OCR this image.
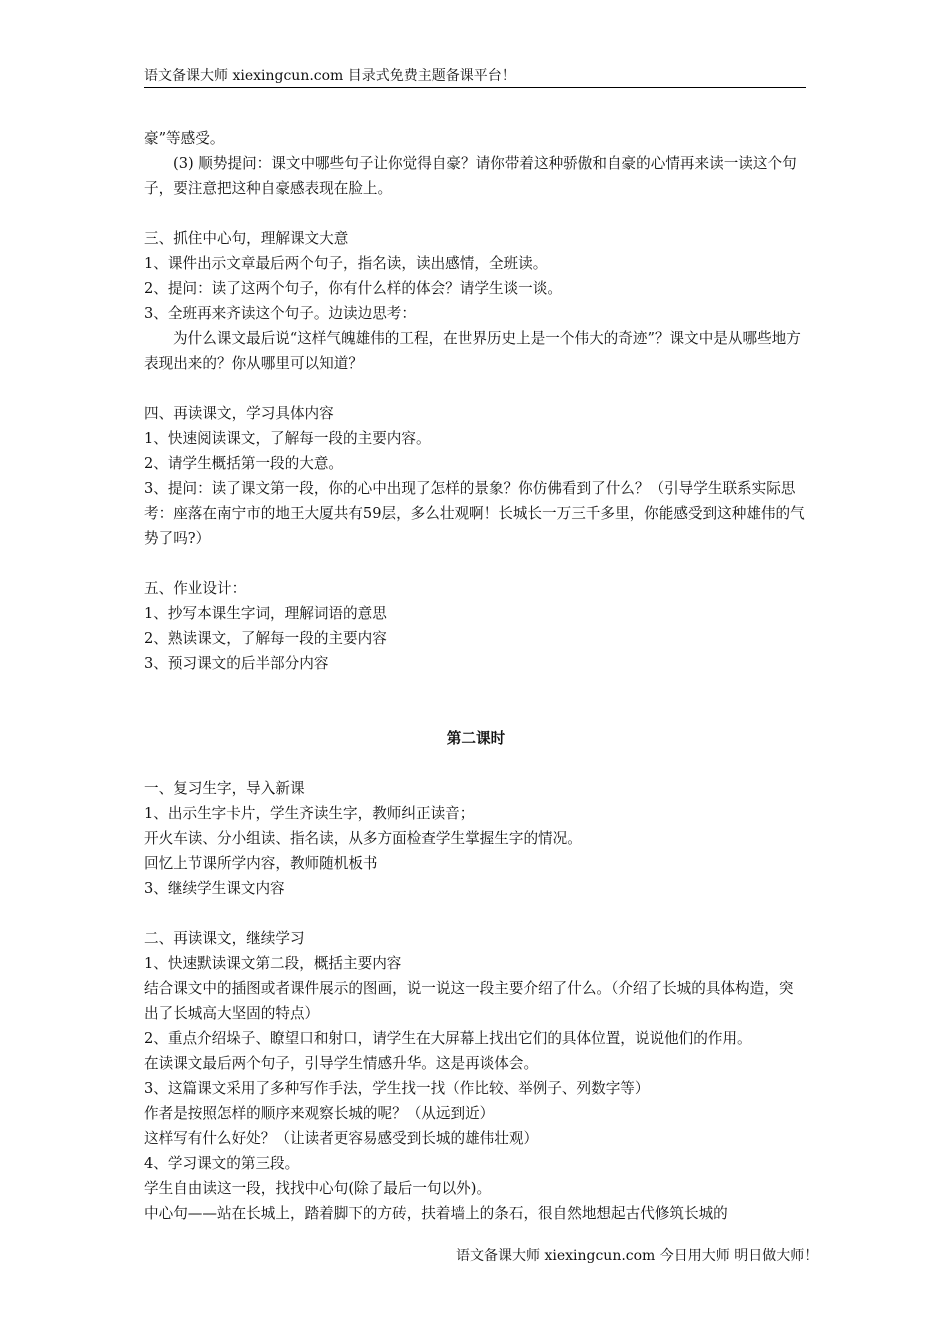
语文备课大师 xiexingcun.com 目录式免费主题备课平台！

豪”等感受。

(3) 顺势提问：课文中哪些句子让你觉得自豪？请你带着这种骄傲和自豪的心情再来读一读这个句子，要注意把这种自豪感表现在脸上。

三、抓住中心句，理解课文大意

1、课件出示文章最后两个句子，指名读，读出感情，全班读。

2、提问：读了这两个句子，你有什么样的体会？请学生谈一谈。

3、全班再来齐读这个句子。边读边思考：

为什么课文最后说“这样气魄雄伟的工程，在世界历史上是一个伟大的奇迹”？课文中是从哪些地方表现出来的？你从哪里可以知道？

四、再读课文，学习具体内容

1、快速阅读课文，了解每一段的主要内容。

2、请学生概括第一段的大意。

3、提问：读了课文第一段，你的心中出现了怎样的景象？你仿佛看到了什么？（引导学生联系实际思考：座落在南宁市的地王大厦共有59层，多么壮观啊！长城长一万三千多里，你能感受到这种雄伟的气势了吗?）

五、作业设计：

1、抄写本课生字词，理解词语的意思

2、熟读课文，了解每一段的主要内容

3、预习课文的后半部分内容

第二课时

一、复习生字，导入新课

1、出示生字卡片，学生齐读生字，教师纠正读音；

开火车读、分小组读、指名读，从多方面检查学生掌握生字的情况。

回忆上节课所学内容，教师随机板书

3、继续学生课文内容

二、再读课文，继续学习

1、快速默读课文第二段，概括主要内容

结合课文中的插图或者课件展示的图画，说一说这一段主要介绍了什么。（介绍了长城的具体构造，突出了长城高大坚固的特点）

2、重点介绍垛子、瞭望口和射口，请学生在大屏幕上找出它们的具体位置，说说他们的作用。

在读课文最后两个句子，引导学生情感升华。这是再谈体会。

3、这篇课文采用了多种写作手法，学生找一找（作比较、举例子、列数字等）

作者是按照怎样的顺序来观察长城的呢？（从远到近）

这样写有什么好处？（让读者更容易感受到长城的雄伟壮观）

4、学习课文的第三段。

学生自由读这一段，找找中心句(除了最后一句以外)。

中心句——站在长城上，踏着脚下的方砖，扶着墙上的条石，很自然地想起古代修筑长城的

语文备课大师 xiexingcun.com 今日用大师 明日做大师！
